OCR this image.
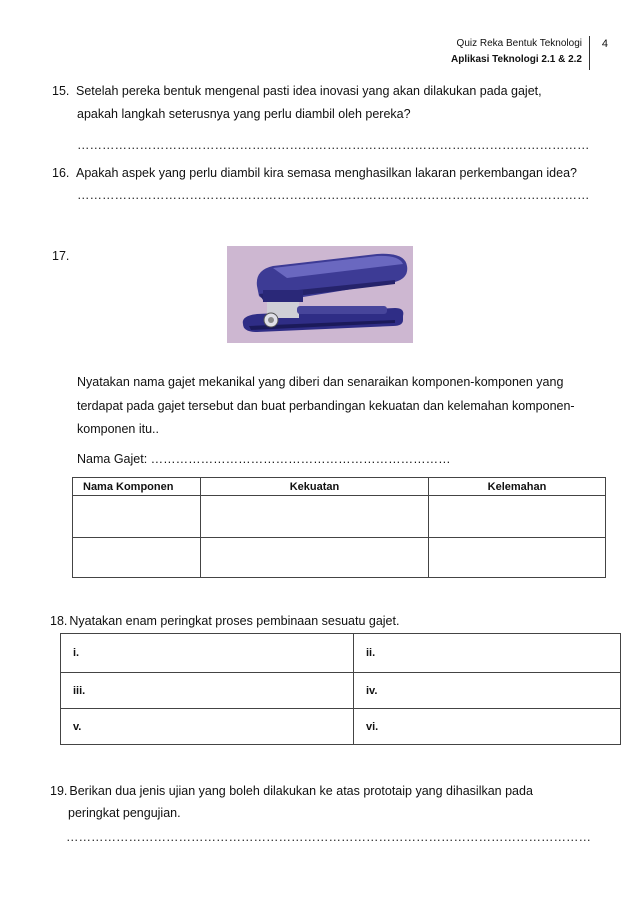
Quiz Reka Bentuk Teknologi
Aplikasi Teknologi 2.1 & 2.2
4
15. Setelah pereka bentuk mengenal pasti idea inovasi yang akan dilakukan pada gajet,
apakah langkah seterusnya yang perlu diambil oleh pereka?
……………………………………………………………………………………………………………
16. Apakah aspek yang perlu diambil kira semasa menghasilkan lakaran perkembangan idea?
……………………………………………………………………………………………………………
17.
Nyatakan nama gajet mekanikal yang diberi dan senaraikan komponen-komponen yang
terdapat pada gajet tersebut dan buat perbandingan kekuatan dan kelemahan komponen-
komponen itu..
Nama Gajet: ………………………………………………………………
Nama Komponen	Kekuatan	Kelemahan

18. Nyatakan enam peringkat proses pembinaan sesuatu gajet.
i.	ii.
iii.	iv.
v.	vi.
19. Berikan dua jenis ujian yang boleh dilakukan ke atas prototaip yang dihasilkan pada
peringkat pengujian.
………………………………………………………………………………………………………………
